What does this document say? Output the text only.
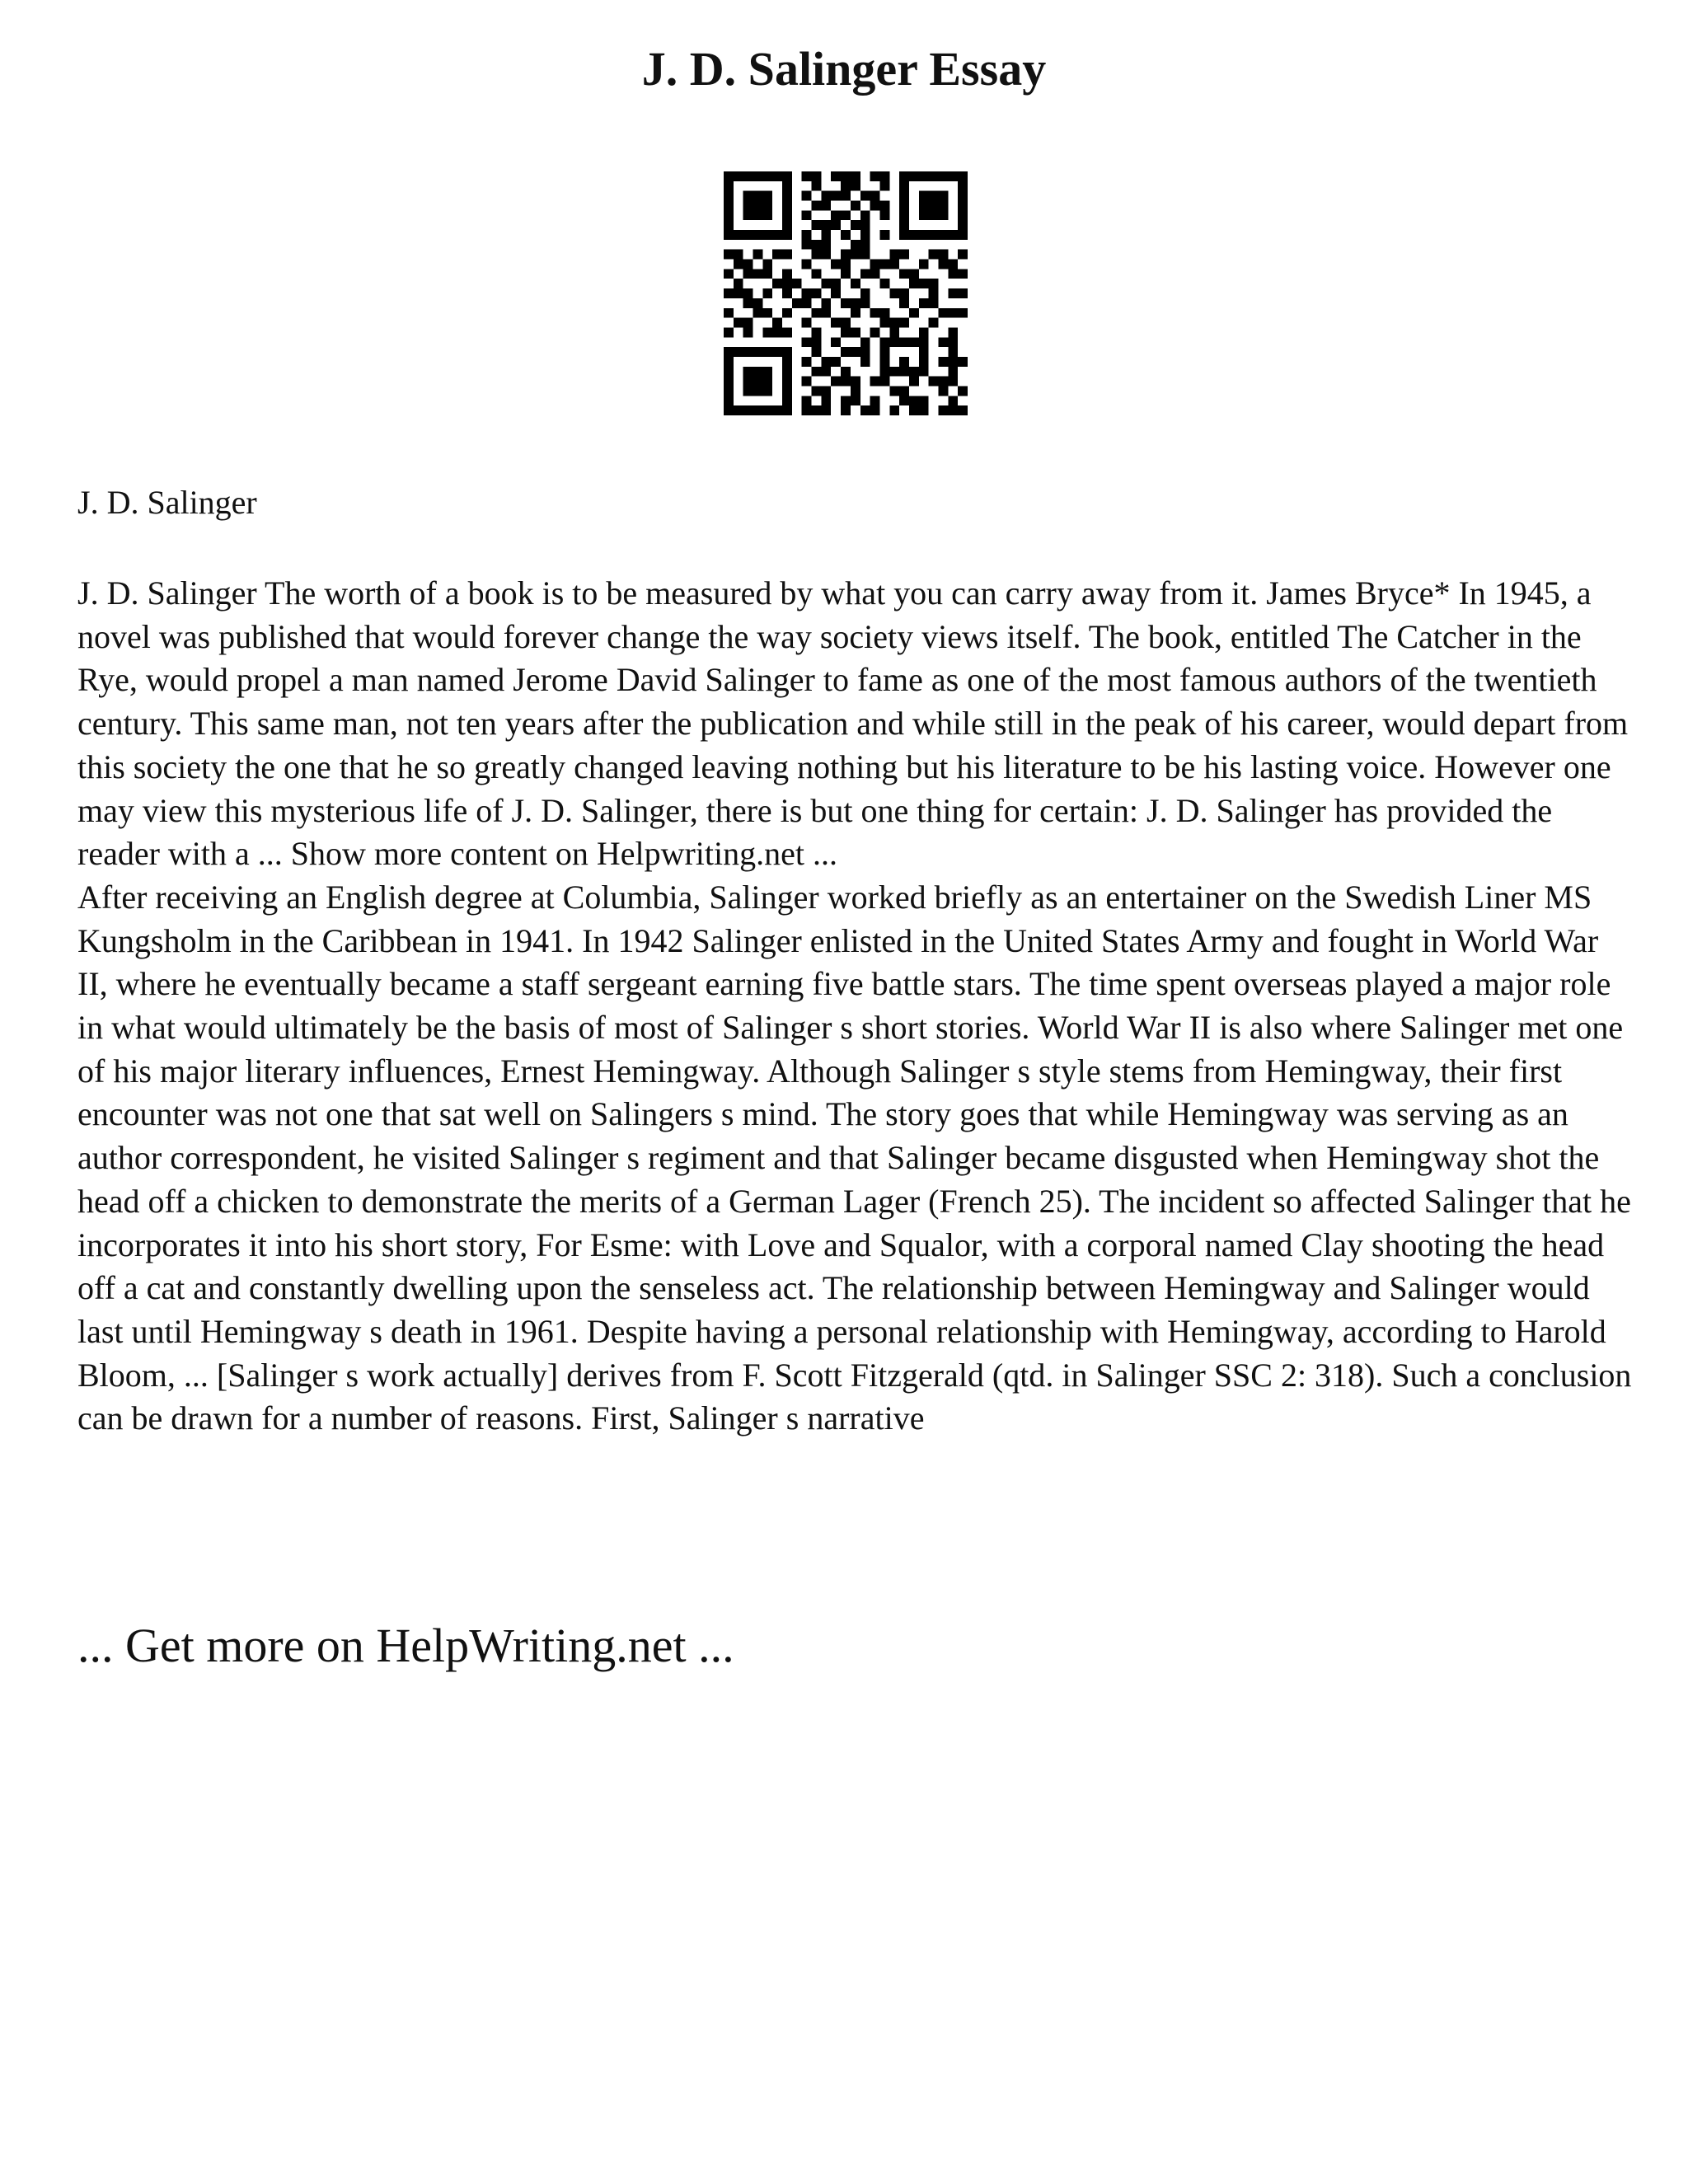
J. D. Salinger Essay

J. D. Salinger

J. D. Salinger The worth of a book is to be measured by what you can carry away from it. James Bryce* In 1945, a novel was published that would forever change the way society views itself. The book, entitled The Catcher in the Rye, would propel a man named Jerome David Salinger to fame as one of the most famous authors of the twentieth century. This same man, not ten years after the publication and while still in the peak of his career, would depart from this society the one that he so greatly changed leaving nothing but his literature to be his lasting voice. However one may view this mysterious life of J. D. Salinger, there is but one thing for certain: J. D. Salinger has provided the reader with a ... Show more content on Helpwriting.net ...

After receiving an English degree at Columbia, Salinger worked briefly as an entertainer on the Swedish Liner MS Kungsholm in the Caribbean in 1941. In 1942 Salinger enlisted in the United States Army and fought in World War II, where he eventually became a staff sergeant earning five battle stars. The time spent overseas played a major role in what would ultimately be the basis of most of Salinger s short stories. World War II is also where Salinger met one of his major literary influences, Ernest Hemingway. Although Salinger s style stems from Hemingway, their first encounter was not one that sat well on Salingers s mind. The story goes that while Hemingway was serving as an author correspondent, he visited Salinger s regiment and that Salinger became disgusted when Hemingway shot the head off a chicken to demonstrate the merits of a German Lager (French 25). The incident so affected Salinger that he incorporates it into his short story, For Esme: with Love and Squalor, with a corporal named Clay shooting the head off a cat and constantly dwelling upon the senseless act. The relationship between Hemingway and Salinger would last until Hemingway s death in 1961. Despite having a personal relationship with Hemingway, according to Harold Bloom, ... [Salinger s work actually] derives from F. Scott Fitzgerald (qtd. in Salinger SSC 2: 318). Such a conclusion can be drawn for a number of reasons. First, Salinger s narrative

... Get more on HelpWriting.net ...
